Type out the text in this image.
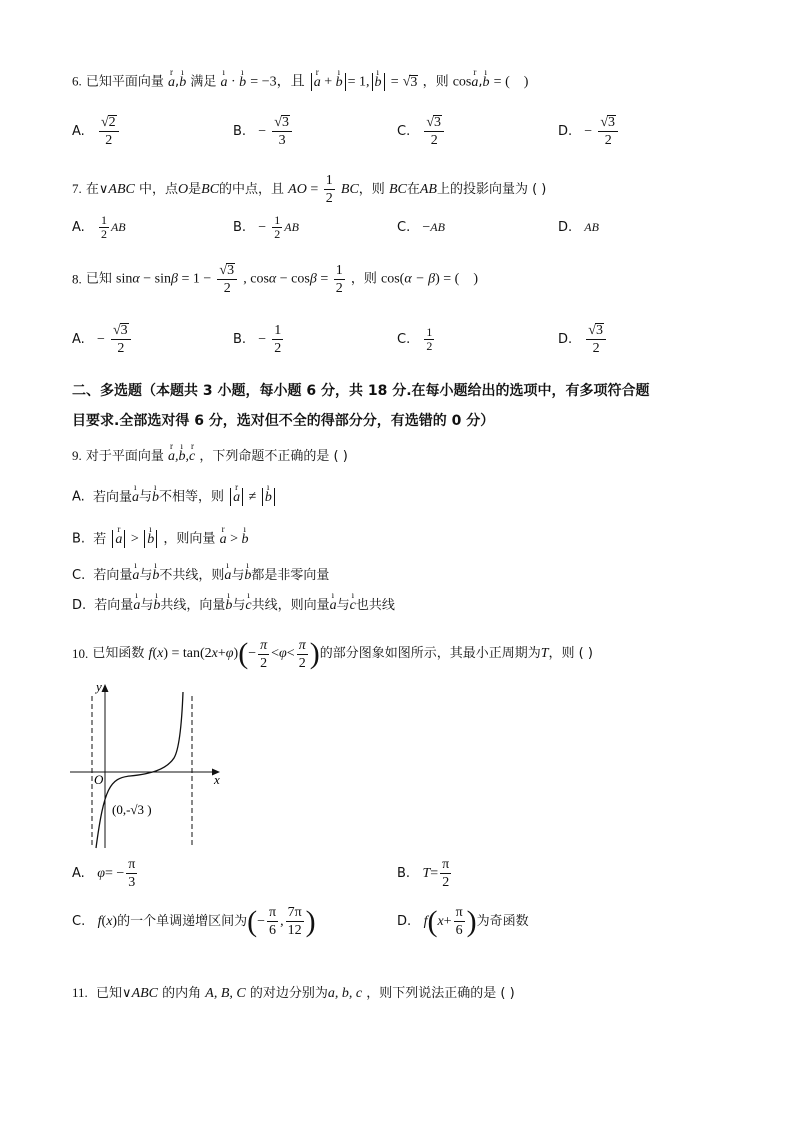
6. 已知平面向量 r a,ı b 满足 ı a · ı b = −3，且 r a + ı b = 1, ı b = √3 ，则 cosr a,ı b = (    )
A. $\frac{√2}{2}$	B. − $\frac{√3}{3}$	C. $\frac{√3}{2}$	D. − $\frac{√3}{2}$
7. 在∨ABC 中，点O是BC的中点，且 AO = $\frac{1}{2}$ BC，则 BC在AB上的投影向量为 ( )
A. $\frac{1}{2}$ AB	B. − $\frac{1}{2}$ AB	C. −AB	D. AB
8. 已知 $\sin\alpha - \sin\beta = 1 - \frac{√3}{2}$ , $\cos\alpha - \cos\beta = \frac{1}{2}$ ，则 cos(α − β) = (    )
A. − $\frac{√3}{2}$	B. − $\frac{1}{2}$	C. $\frac{1}{2}$	D. $\frac{√3}{2}$
二、多选题（本题共 3 小题，每小题 6 分，共 18 分.在每小题给出的选项中，有多项符合题
目要求.全部选对得 6 分，选对但不全的得部分分，有选错的 0 分）
9. 对于平面向量 r a,ı b,r c ，下列命题不正确的是 ( )
A. 若向量ı a与ı b不相等，则 r a ≠ ı b
B. 若 r a > ı b ，则向量 r a > ı b
C. 若向量ı a与ı b不共线，则ı a与ı b都是非零向量
D. 若向量ı a与ı b共线，向量ı b与ı c共线，则向量ı a与ı c也共线
10.
已知函数
f ( x ) = tan(2 x + φ ) ( − $\frac{\pi}{2} < \varphi < \frac{\pi}{2}$ ) 的部分图象如图所示，其最小正周期为 T ，则 ( )
y
x
O
(0,-√3 )
A.
φ = − $\frac{\pi}{3}$	B.
$T = \frac{\pi}{2}$
C.
f ( x ) 的一个单调递增区间为 ( − $\frac{\pi}{6}$ , $\frac{7\pi}{12}$ )	D.
f ( $x + \frac{\pi}{6}$ ) 为奇函数
11. 已知∨ABC 的内角 A, B, C 的对边分别为a, b, c ，则下列说法正确的是 ( )
